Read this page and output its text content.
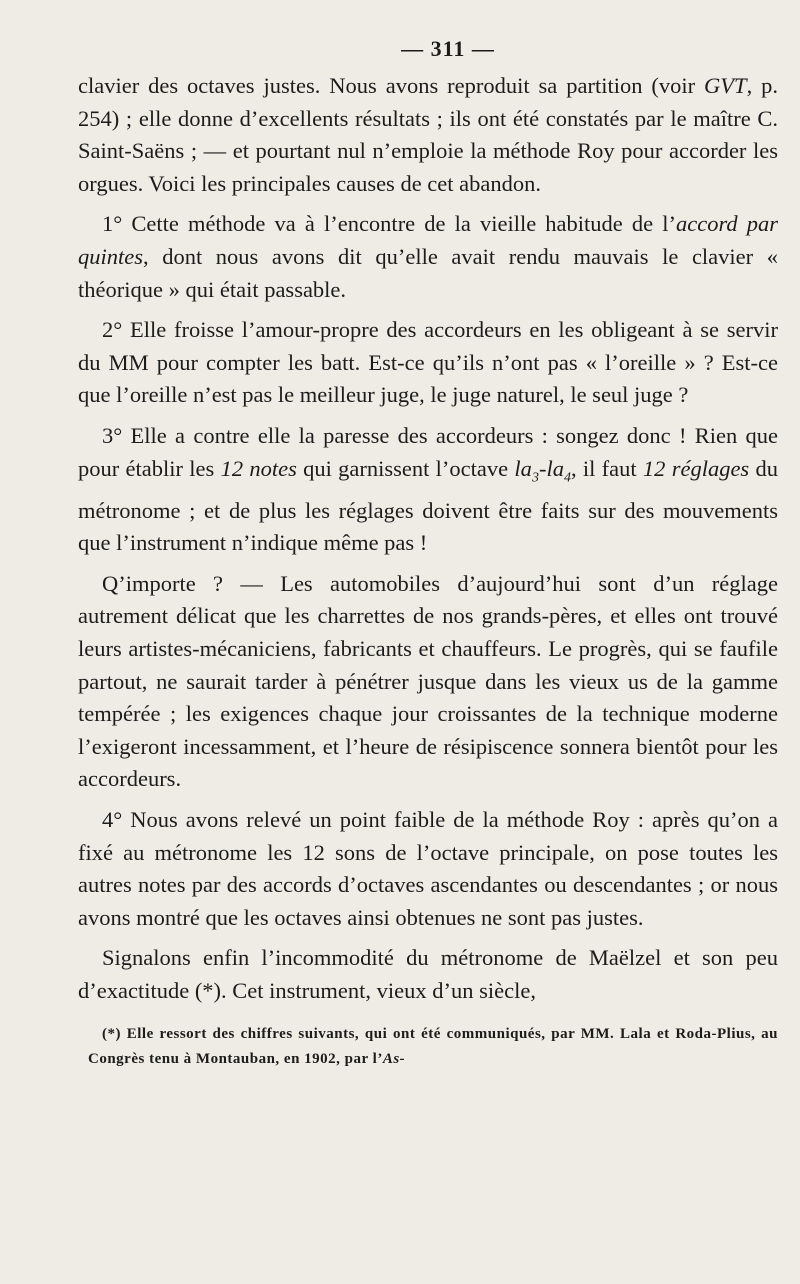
— 311 —

clavier des octaves justes. Nous avons reproduit sa partition (voir GVT, p. 254) ; elle donne d’excellents résultats ; ils ont été constatés par le maître C. Saint-Saëns ; — et pourtant nul n’emploie la méthode Roy pour accorder les orgues. Voici les principales causes de cet abandon.

1° Cette méthode va à l’encontre de la vieille habitude de l’accord par quintes, dont nous avons dit qu’elle avait rendu mauvais le clavier « théorique » qui était passable.

2° Elle froisse l’amour-propre des accordeurs en les obligeant à se servir du MM pour compter les batt. Est-ce qu’ils n’ont pas « l’oreille » ? Est-ce que l’oreille n’est pas le meilleur juge, le juge naturel, le seul juge ?

3° Elle a contre elle la paresse des accordeurs : songez donc ! Rien que pour établir les 12 notes qui garnissent l’octave $la_3-la_4$, il faut 12 réglages du métronome ; et de plus les réglages doivent être faits sur des mouvements que l’instrument n’indique même pas !

Q’importe ? — Les automobiles d’aujourd’hui sont d’un réglage autrement délicat que les charrettes de nos grands-pères, et elles ont trouvé leurs artistes-mécaniciens, fabricants et chauffeurs. Le progrès, qui se faufile partout, ne saurait tarder à pénétrer jusque dans les vieux us de la gamme tempérée ; les exigences chaque jour croissantes de la technique moderne l’exigeront incessamment, et l’heure de résipiscence sonnera bientôt pour les accordeurs.

4° Nous avons relevé un point faible de la méthode Roy : après qu’on a fixé au métronome les 12 sons de l’octave principale, on pose toutes les autres notes par des accords d’octaves ascendantes ou descendantes ; or nous avons montré que les octaves ainsi obtenues ne sont pas justes.

Signalons enfin l’incommodité du métronome de Maëlzel et son peu d’exactitude (*). Cet instrument, vieux d’un siècle,

(*) Elle ressort des chiffres suivants, qui ont été communiqués, par MM. Lala et Roda-Plius, au Congrès tenu à Montauban, en 1902, par l’As-
